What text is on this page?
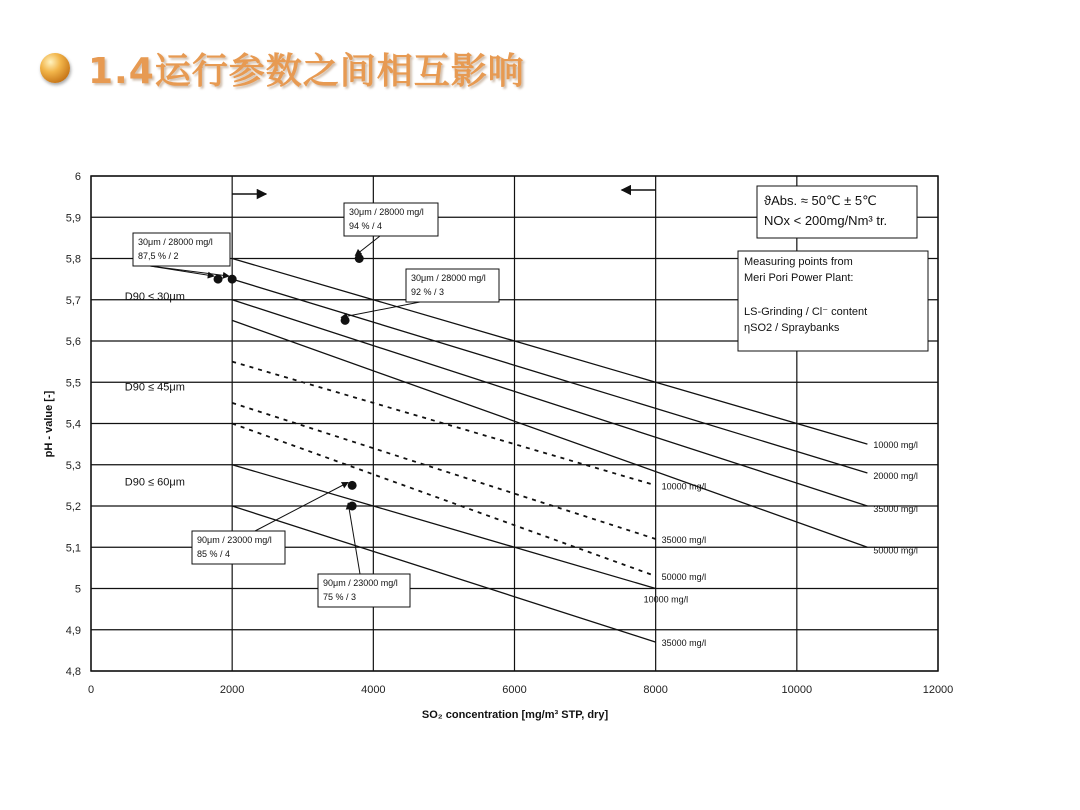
1.4运行参数之间相互影响
SO₂ concentration [mg/m³ STP, dry]
pH - value [-]
4,8
4,9
5
5,1
5,2
5,3
5,4
5,5
5,6
5,7
5,8
5,9
6
0	2000	4000	6000	8000	10000	12000
10000 mg/l
20000 mg/l
35000 mg/l
50000 mg/l
D90 ≤ 30μm
10000 mg/l
35000 mg/l
50000 mg/l
D90 ≤ 45μm
10000 mg/l
35000 mg/l
D90 ≤ 60μm
30μm / 28000 mg/l
87,5 % / 2
30μm / 28000 mg/l
94 % / 4
30μm / 28000 mg/l
92 % / 3
90μm / 23000 mg/l
85 % / 4
90μm / 23000 mg/l
75 % / 3
ϑAbs. ≈ 50℃ ± 5℃
NOx < 200mg/Nm³ tr.
Measuring points from
Meri Pori Power Plant:
LS-Grinding / Cl⁻ content
ηSO2 / Spraybanks
